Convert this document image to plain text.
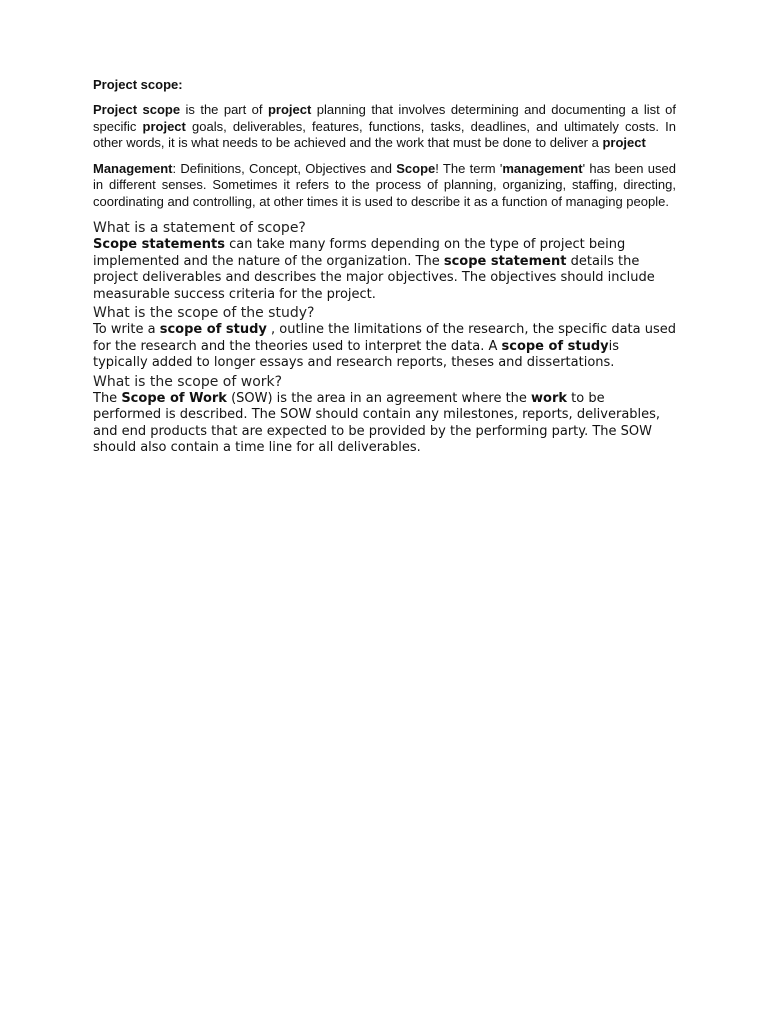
Project scope:

Project scope is the part of project planning that involves determining and documenting a list of specific project goals, deliverables, features, functions, tasks, deadlines, and ultimately costs. In other words, it is what needs to be achieved and the work that must be done to deliver a project

Management: Definitions, Concept, Objectives and Scope! The term 'management' has been used in different senses. Sometimes it refers to the process of planning, organizing, staffing, directing, coordinating and controlling, at other times it is used to describe it as a function of managing people.

What is a statement of scope?

Scope statements can take many forms depending on the type of project being implemented and the nature of the organization. The scope statement details the project deliverables and describes the major objectives. The objectives should include measurable success criteria for the project.

What is the scope of the study?

To write a scope of study , outline the limitations of the research, the specific data used for the research and the theories used to interpret the data. A scope of studyis typically added to longer essays and research reports, theses and dissertations.

What is the scope of work?

The Scope of Work (SOW) is the area in an agreement where the work to be performed is described. The SOW should contain any milestones, reports, deliverables, and end products that are expected to be provided by the performing party. The SOW should also contain a time line for all deliverables.
